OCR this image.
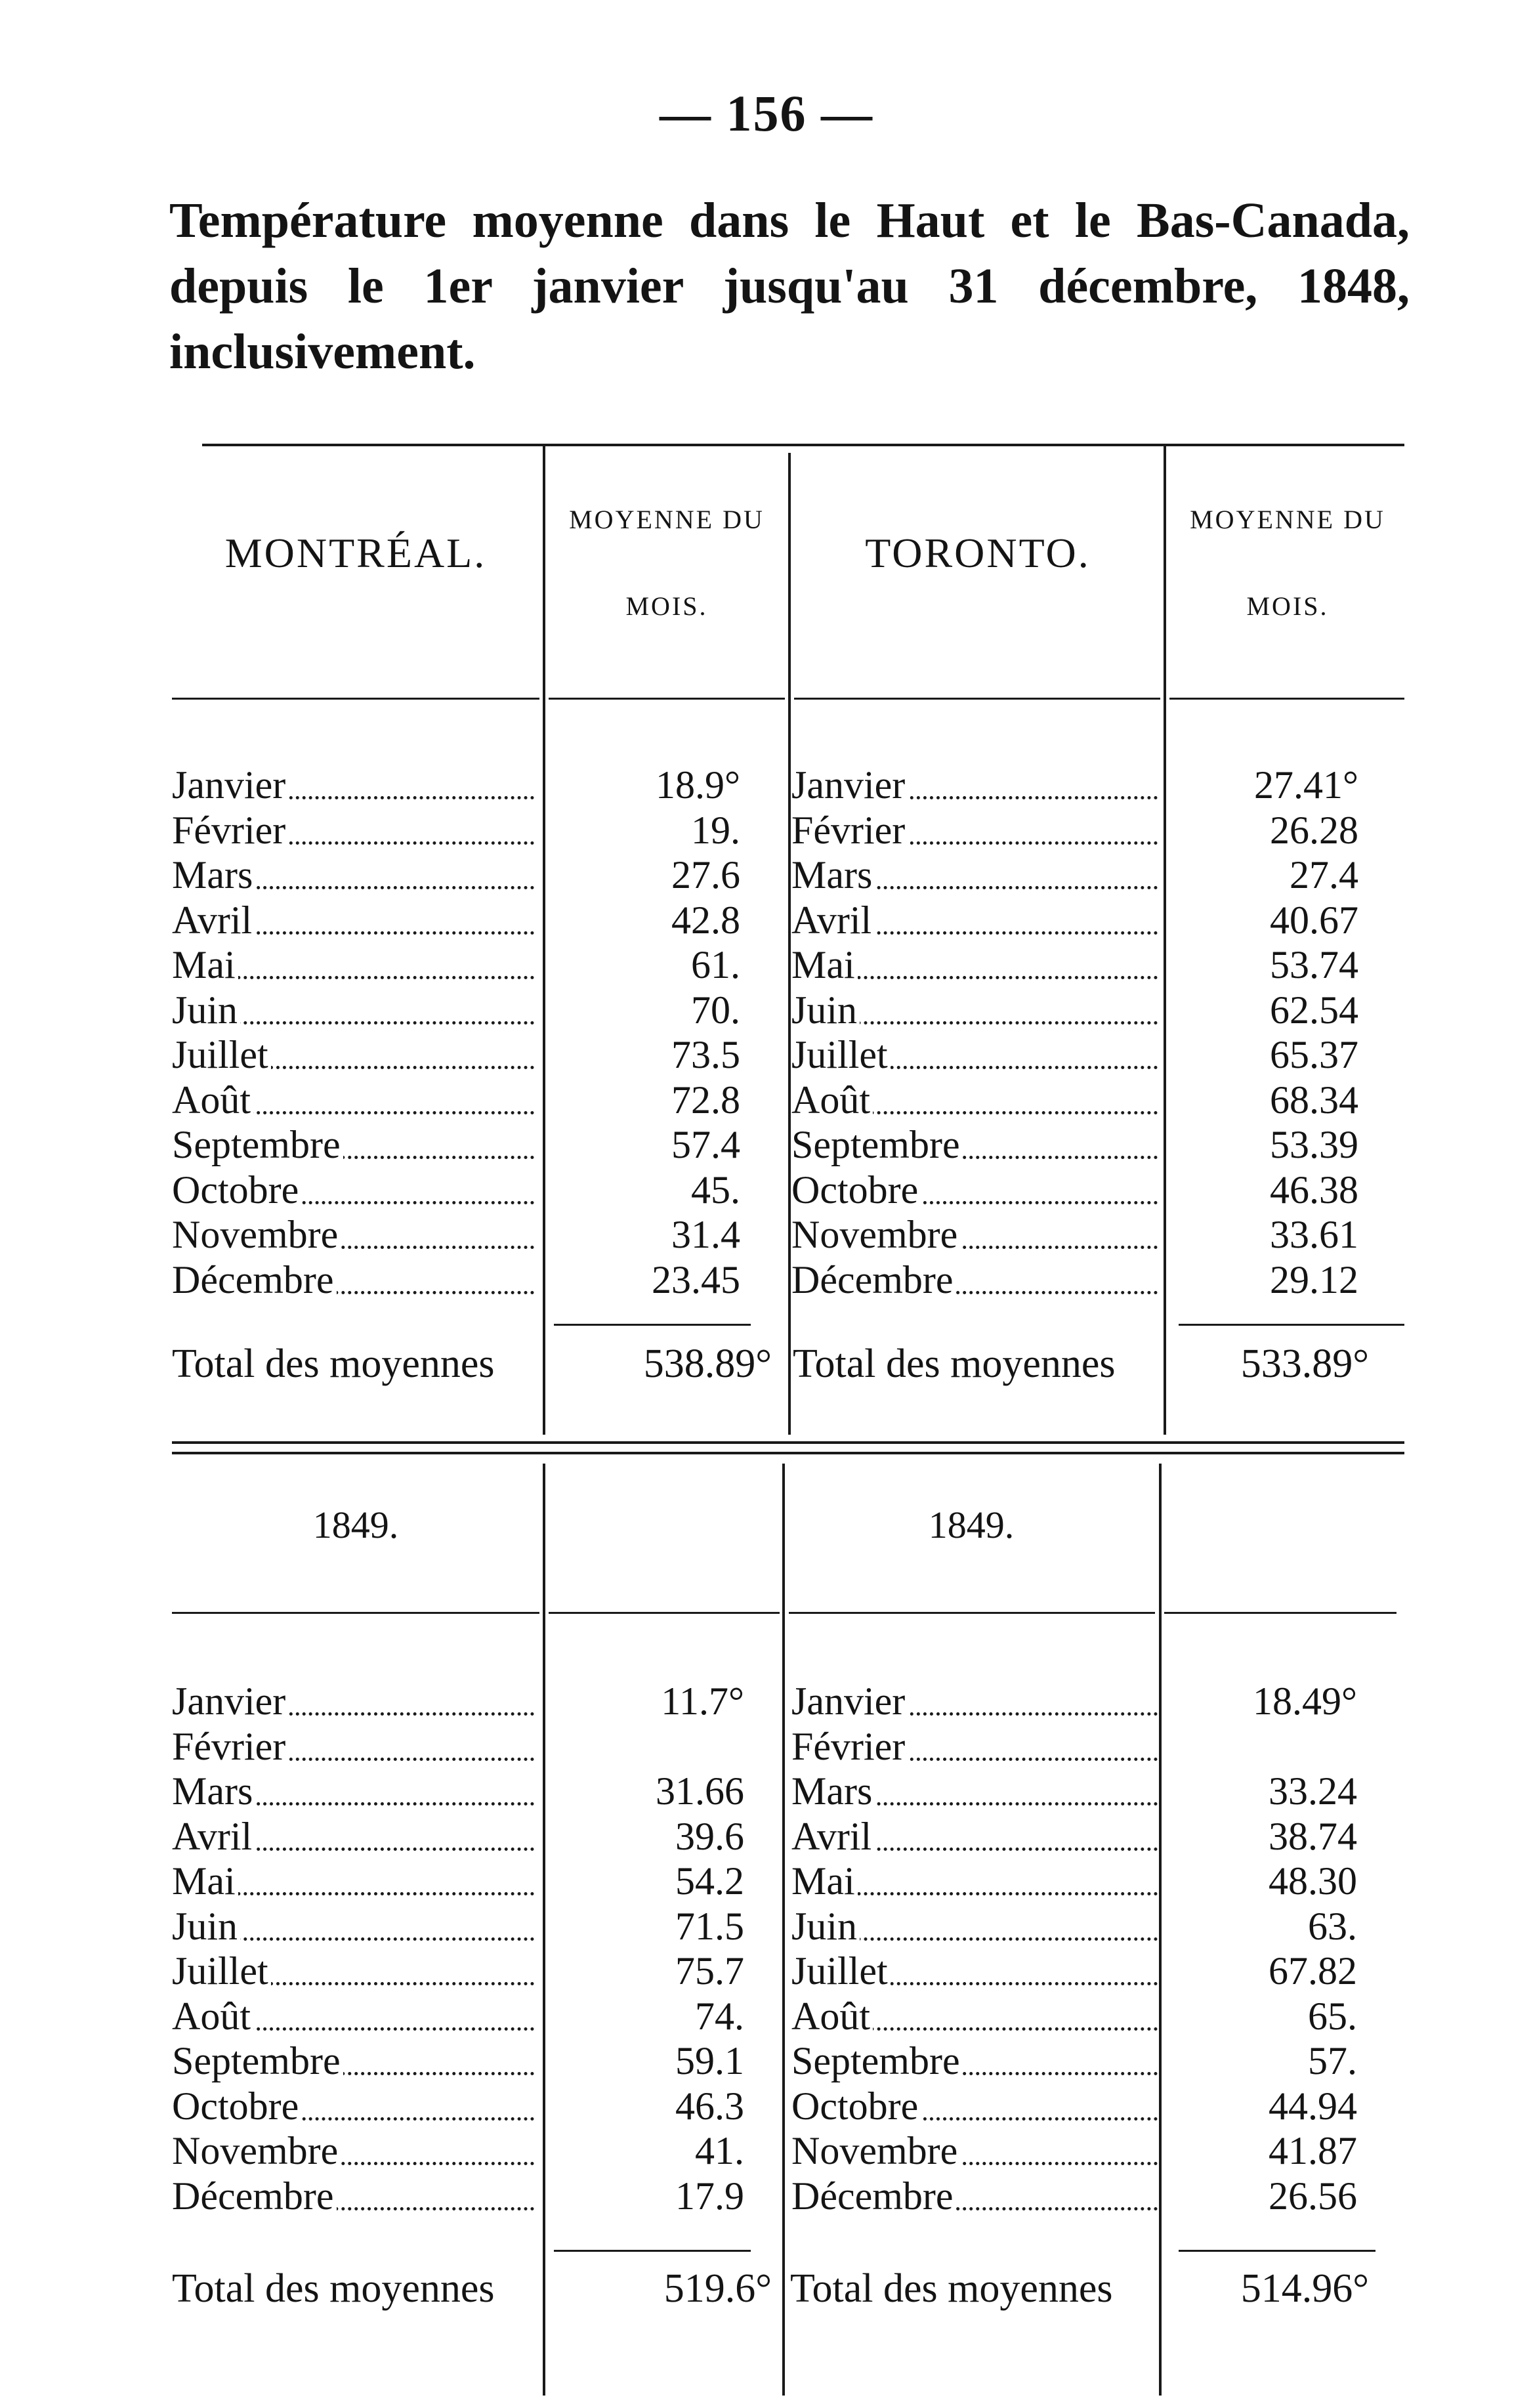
— 156 —
Température moyenne dans le Haut et le Bas-Canada, depuis le 1er janvier jusqu'au 31 décembre, 1848, inclusivement.
MONTRÉAL.
MOYENNE DU
MOIS.
TORONTO.
MOYENNE DU
MOIS.
Janvier	18.9° Janvier	27.41°
Février	19. Février	26.28
Mars	27.6 Mars	27.4
Avril	42.8 Avril	40.67
Mai	61. Mai	53.74
Juin	70. Juin	62.54
Juillet	73.5 Juillet	65.37
Août	72.8 Août	68.34
Septembre	57.4 Septembre	53.39
Octobre	45. Octobre	46.38
Novembre	31.4 Novembre	33.61
Décembre	23.45 Décembre	29.12
Total des moyennes	538.89° Total des moyennes	533.89°
1849.	1849.
Janvier	11.7° Janvier	18.49°
Février	Février
Mars	31.66 Mars	33.24
Avril	39.6 Avril	38.74
Mai	54.2 Mai	48.30
Juin	71.5 Juin	63.
Juillet	75.7 Juillet	67.82
Août	74. Août	65.
Septembre	59.1 Septembre	57.
Octobre	46.3 Octobre	44.94
Novembre	41. Novembre	41.87
Décembre	17.9 Décembre	26.56
Total des moyennes	519.6° Total des moyennes	514.96°
